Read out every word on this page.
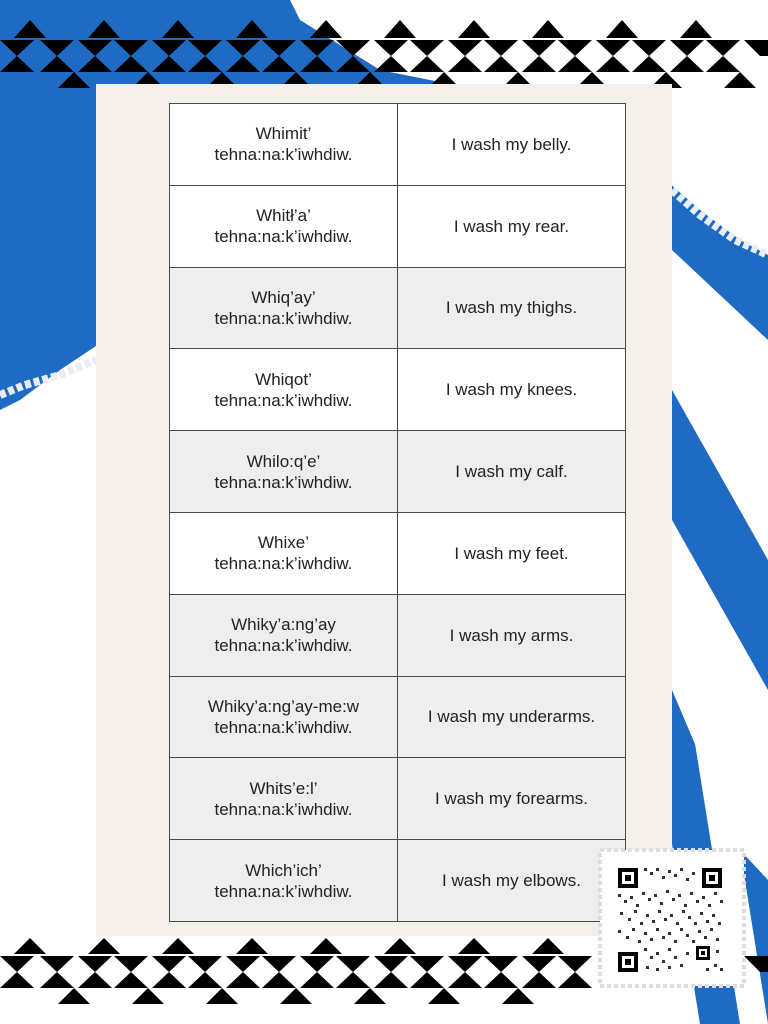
Whimit’
tehna:na:k’iwhdiw.	I wash my belly.

Whitł’a’
tehna:na:k’iwhdiw.	I wash my rear.

Whiq’ay’
tehna:na:k’iwhdiw.	I wash my thighs.

Whiqot’
tehna:na:k’iwhdiw.	I wash my knees.

Whilo:q’e’
tehna:na:k’iwhdiw.	I wash my calf.

Whixe’
tehna:na:k’iwhdiw.	I wash my feet.

Whiky’a:ng’ay
tehna:na:k’iwhdiw.	I wash my arms.

Whiky’a:ng’ay-me:w
tehna:na:k’iwhdiw.	I wash my underarms.

Whits’e:l’
tehna:na:k’iwhdiw.	I wash my forearms.

Which’ich’
tehna:na:k’iwhdiw.	I wash my elbows.
